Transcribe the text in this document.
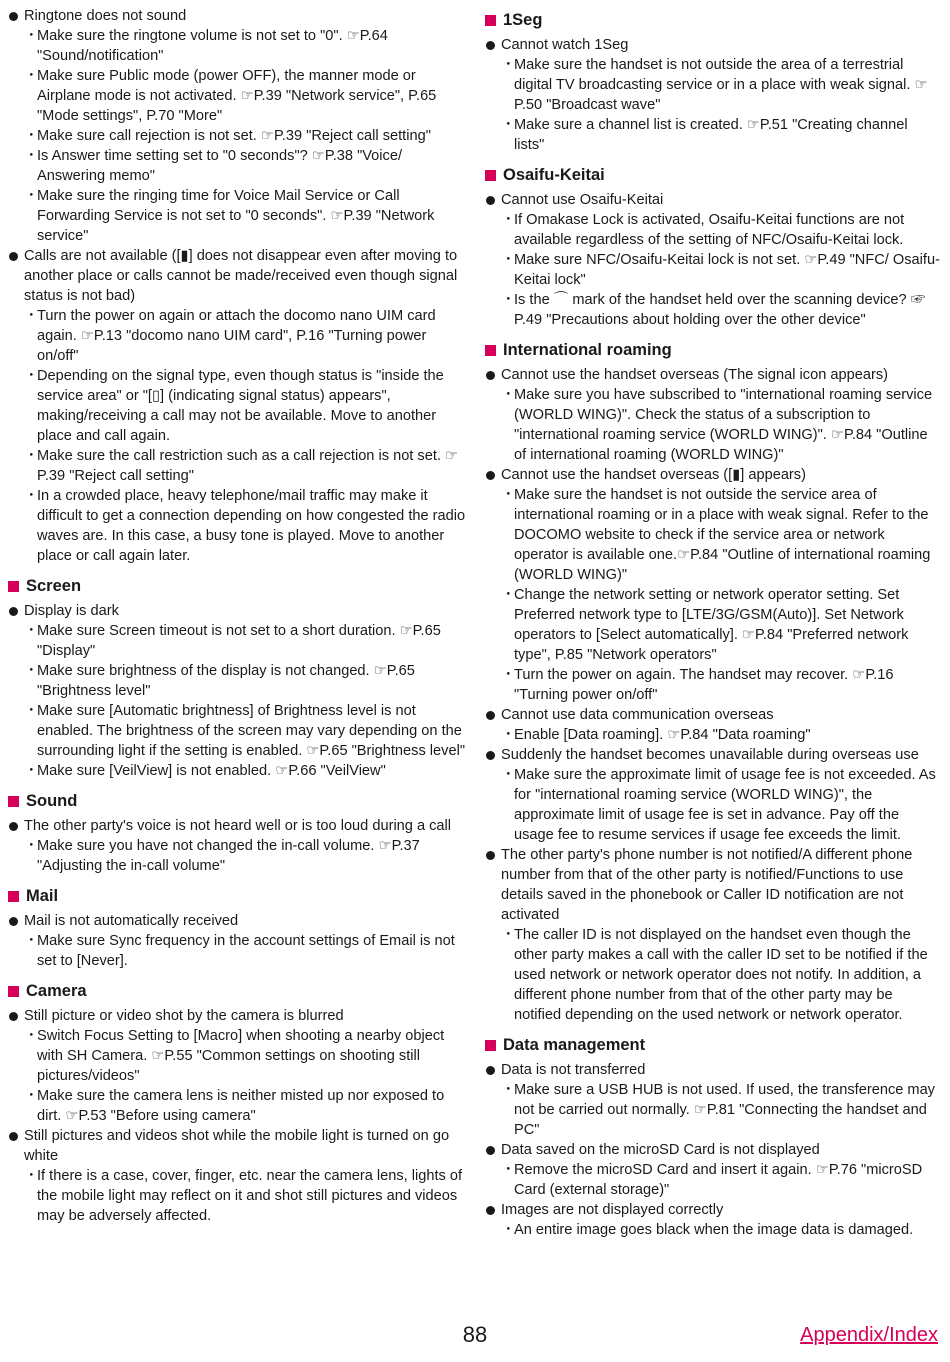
Ringtone does not sound
・
Make sure the ringtone volume is not set to "0". ☞P.64 "Sound/notification"
・
Make sure Public mode (power OFF), the manner mode or Airplane mode is not activated. ☞P.39 "Network service", P.65 "Mode settings", P.70 "More"
・
Make sure call rejection is not set. ☞P.39 "Reject call setting"
・
Is Answer time setting set to "0 seconds"? ☞P.38 "Voice/ Answering memo"
・
Make sure the ringing time for Voice Mail Service or Call Forwarding Service is not set to "0 seconds". ☞P.39 "Network service"
Calls are not available ([▮] does not disappear even after moving to another place or calls cannot be made/received even though signal status is not bad)
・
Turn the power on again or attach the docomo nano UIM card again. ☞P.13 "docomo nano UIM card", P.16 "Turning power on/off"
・
Depending on the signal type, even though status is "inside the service area" or "[▯] (indicating signal status) appears", making/receiving a call may not be available. Move to another place and call again.
・
Make sure the call restriction such as a call rejection is not set. ☞P.39 "Reject call setting"
・
In a crowded place, heavy telephone/mail traffic may make it difficult to get a connection depending on how congested the radio waves are. In this case, a busy tone is played. Move to another place or call again later.
Screen
Display is dark
・
Make sure Screen timeout is not set to a short duration. ☞P.65 "Display"
・
Make sure brightness of the display is not changed. ☞P.65 "Brightness level"
・
Make sure [Automatic brightness] of Brightness level is not enabled. The brightness of the screen may vary depending on the surrounding light if the setting is enabled. ☞P.65 "Brightness level"
・
Make sure [VeilView] is not enabled. ☞P.66 "VeilView"
Sound
The other party's voice is not heard well or is too loud during a call
・
Make sure you have not changed the in-call volume. ☞P.37 "Adjusting the in-call volume"
Mail
Mail is not automatically received
・
Make sure Sync frequency in the account settings of Email is not set to [Never].
Camera
Still picture or video shot by the camera is blurred
・
Switch Focus Setting to [Macro] when shooting a nearby object with SH Camera. ☞P.55 "Common settings on shooting still pictures/videos"
・
Make sure the camera lens is neither misted up nor exposed to dirt. ☞P.53 "Before using camera"
Still pictures and videos shot while the mobile light is turned on go white
・
If there is a case, cover, finger, etc. near the camera lens, lights of the mobile light may reflect on it and shot still pictures and videos may be adversely affected.
1Seg
Cannot watch 1Seg
・
Make sure the handset is not outside the area of a terrestrial digital TV broadcasting service or in a place with weak signal. ☞P.50 "Broadcast wave"
・
Make sure a channel list is created. ☞P.51 "Creating channel lists"
Osaifu-Keitai
Cannot use Osaifu-Keitai
・
If Omakase Lock is activated, Osaifu-Keitai functions are not available regardless of the setting of NFC/Osaifu-Keitai lock.
・
Make sure NFC/Osaifu-Keitai lock is not set. ☞P.49 "NFC/ Osaifu-Keitai lock"
・
Is the ⌒ mark of the handset held over the scanning device? ☞P.49 "Precautions about holding over the other device"
International roaming
Cannot use the handset overseas (The signal icon appears)
・
Make sure you have subscribed to "international roaming service (WORLD WING)". Check the status of a subscription to "international roaming service (WORLD WING)". ☞P.84 "Outline of international roaming (WORLD WING)"
Cannot use the handset overseas ([▮] appears)
・
Make sure the handset is not outside the service area of international roaming or in a place with weak signal. Refer to the DOCOMO website to check if the service area or network operator is available one.☞P.84 "Outline of international roaming (WORLD WING)"
・
Change the network setting or network operator setting. Set Preferred network type to [LTE/3G/GSM(Auto)]. Set Network operators to [Select automatically]. ☞P.84 "Preferred network type", P.85 "Network operators"
・
Turn the power on again. The handset may recover. ☞P.16 "Turning power on/off"
Cannot use data communication overseas
・
Enable [Data roaming]. ☞P.84 "Data roaming"
Suddenly the handset becomes unavailable during overseas use
・
Make sure the approximate limit of usage fee is not exceeded. As for "international roaming service (WORLD WING)", the approximate limit of usage fee is set in advance. Pay off the usage fee to resume services if usage fee exceeds the limit.
The other party's phone number is not notified/A different phone number from that of the other party is notified/Functions to use details saved in the phonebook or Caller ID notification are not activated
・
The caller ID is not displayed on the handset even though the other party makes a call with the caller ID set to be notified if the used network or network operator does not notify. In addition, a different phone number from that of the other party may be notified depending on the used network or network operator.
Data management
Data is not transferred
・
Make sure a USB HUB is not used. If used, the transference may not be carried out normally. ☞P.81 "Connecting the handset and PC"
Data saved on the microSD Card is not displayed
・
Remove the microSD Card and insert it again. ☞P.76 "microSD Card (external storage)"
Images are not displayed correctly
・
An entire image goes black when the image data is damaged.
88	Appendix/Index
